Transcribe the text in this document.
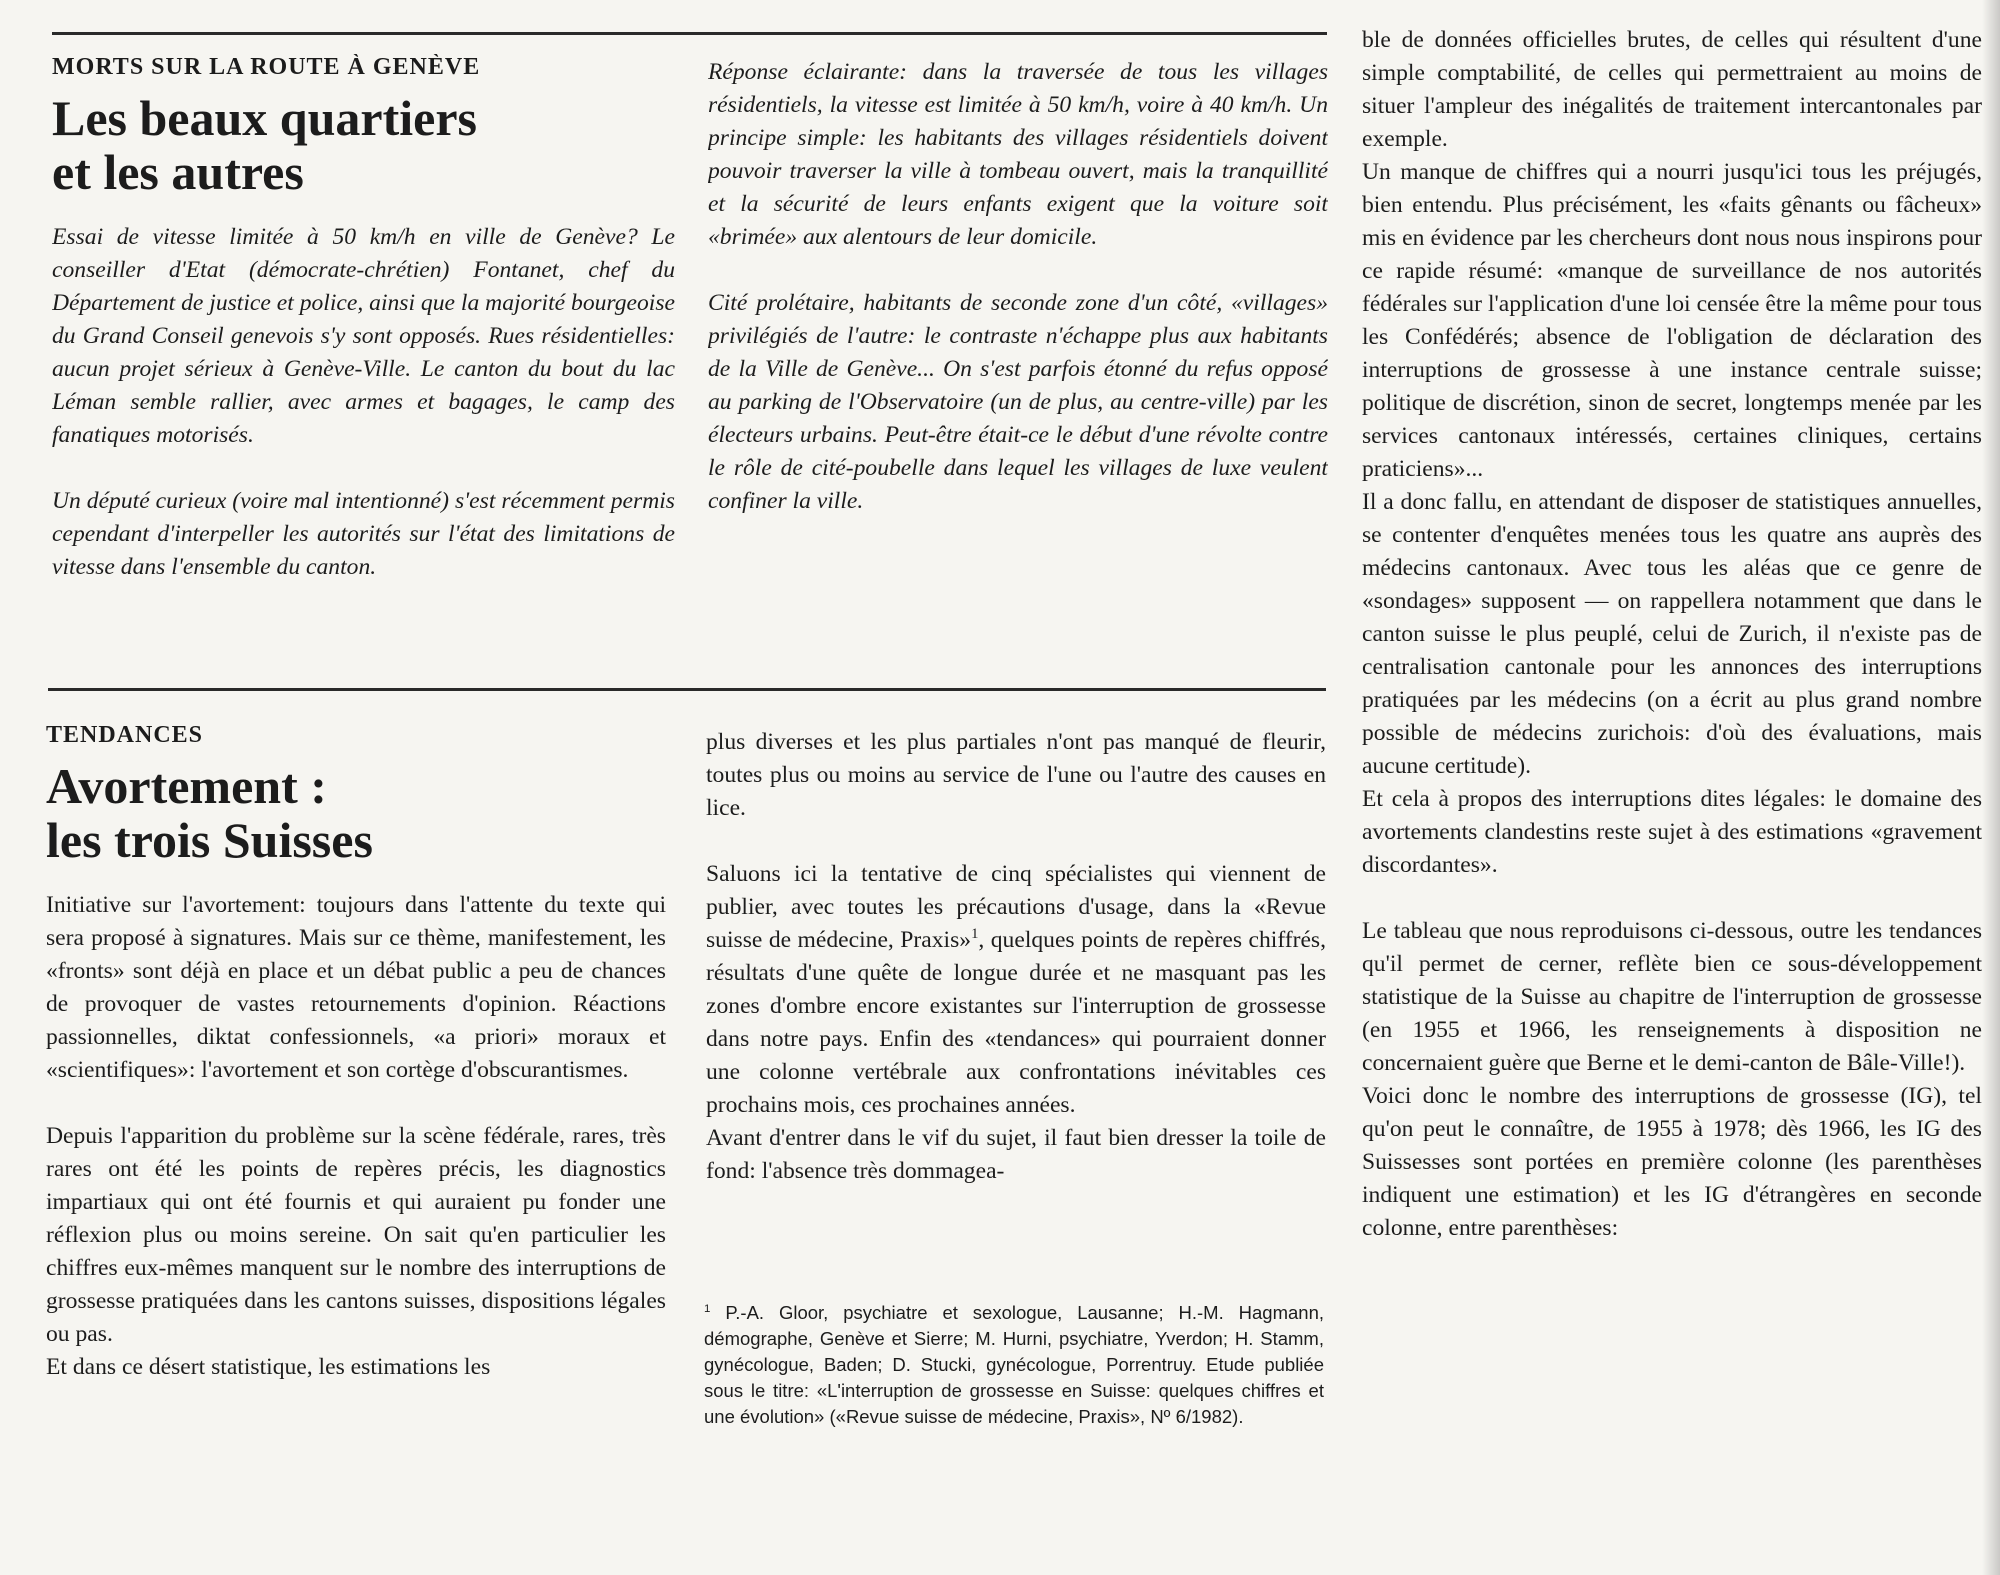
MORTS SUR LA ROUTE À GENÈVE
Les beaux quartiers
et les autres

Essai de vitesse limitée à 50 km/h en ville de Genève? Le conseiller d'Etat (démocrate-chrétien) Fontanet, chef du Département de justice et police, ainsi que la majorité bourgeoise du Grand Conseil genevois s'y sont opposés. Rues résidentielles: aucun projet sérieux à Genève-Ville. Le canton du bout du lac Léman semble rallier, avec armes et bagages, le camp des fanatiques motorisés.

Un député curieux (voire mal intentionné) s'est récemment permis cependant d'interpeller les autorités sur l'état des limitations de vitesse dans l'ensemble du canton.

Réponse éclairante: dans la traversée de tous les villages résidentiels, la vitesse est limitée à 50 km/h, voire à 40 km/h. Un principe simple: les habitants des villages résidentiels doivent pouvoir traverser la ville à tombeau ouvert, mais la tranquillité et la sécurité de leurs enfants exigent que la voiture soit «brimée» aux alentours de leur domicile.

Cité prolétaire, habitants de seconde zone d'un côté, «villages» privilégiés de l'autre: le contraste n'échappe plus aux habitants de la Ville de Genève... On s'est parfois étonné du refus opposé au parking de l'Observatoire (un de plus, au centre-ville) par les électeurs urbains. Peut-être était-ce le début d'une révolte contre le rôle de cité-poubelle dans lequel les villages de luxe veulent confiner la ville.

TENDANCES
Avortement :
les trois Suisses

Initiative sur l'avortement: toujours dans l'attente du texte qui sera proposé à signatures. Mais sur ce thème, manifestement, les «fronts» sont déjà en place et un débat public a peu de chances de provoquer de vastes retournements d'opinion. Réactions passionnelles, diktat confessionnels, «a priori» moraux et «scientifiques»: l'avortement et son cortège d'obscurantismes.

Depuis l'apparition du problème sur la scène fédérale, rares, très rares ont été les points de repères précis, les diagnostics impartiaux qui ont été fournis et qui auraient pu fonder une réflexion plus ou moins sereine. On sait qu'en particulier les chiffres eux-mêmes manquent sur le nombre des interruptions de grossesse pratiquées dans les cantons suisses, dispositions légales ou pas.

Et dans ce désert statistique, les estimations les

plus diverses et les plus partiales n'ont pas manqué de fleurir, toutes plus ou moins au service de l'une ou l'autre des causes en lice.

Saluons ici la tentative de cinq spécialistes qui viennent de publier, avec toutes les précautions d'usage, dans la «Revue suisse de médecine, Praxis»$^1$, quelques points de repères chiffrés, résultats d'une quête de longue durée et ne masquant pas les zones d'ombre encore existantes sur l'interruption de grossesse dans notre pays. Enfin des «tendances» qui pourraient donner une colonne vertébrale aux confrontations inévitables ces prochains mois, ces prochaines années.

Avant d'entrer dans le vif du sujet, il faut bien dresser la toile de fond: l'absence très dommagea-

$^1$ P.-A. Gloor, psychiatre et sexologue, Lausanne; H.-M. Hagmann, démographe, Genève et Sierre; M. Hurni, psychiatre, Yverdon; H. Stamm, gynécologue, Baden; D. Stucki, gynécologue, Porrentruy. Etude publiée sous le titre: «L'interruption de grossesse en Suisse: quelques chiffres et une évolution» («Revue suisse de médecine, Praxis», Nº 6/1982).

ble de données officielles brutes, de celles qui résultent d'une simple comptabilité, de celles qui permettraient au moins de situer l'ampleur des inégalités de traitement intercantonales par exemple.

Un manque de chiffres qui a nourri jusqu'ici tous les préjugés, bien entendu. Plus précisément, les «faits gênants ou fâcheux» mis en évidence par les chercheurs dont nous nous inspirons pour ce rapide résumé: «manque de surveillance de nos autorités fédérales sur l'application d'une loi censée être la même pour tous les Confédérés; absence de l'obligation de déclaration des interruptions de grossesse à une instance centrale suisse; politique de discrétion, sinon de secret, longtemps menée par les services cantonaux intéressés, certaines cliniques, certains praticiens»...

Il a donc fallu, en attendant de disposer de statistiques annuelles, se contenter d'enquêtes menées tous les quatre ans auprès des médecins cantonaux. Avec tous les aléas que ce genre de «sondages» supposent — on rappellera notamment que dans le canton suisse le plus peuplé, celui de Zurich, il n'existe pas de centralisation cantonale pour les annonces des interruptions pratiquées par les médecins (on a écrit au plus grand nombre possible de médecins zurichois: d'où des évaluations, mais aucune certitude).

Et cela à propos des interruptions dites légales: le domaine des avortements clandestins reste sujet à des estimations «gravement discordantes».

Le tableau que nous reproduisons ci-dessous, outre les tendances qu'il permet de cerner, reflète bien ce sous-développement statistique de la Suisse au chapitre de l'interruption de grossesse (en 1955 et 1966, les renseignements à disposition ne concernaient guère que Berne et le demi-canton de Bâle-Ville!).

Voici donc le nombre des interruptions de grossesse (IG), tel qu'on peut le connaître, de 1955 à 1978; dès 1966, les IG des Suissesses sont portées en première colonne (les parenthèses indiquent une estimation) et les IG d'étrangères en seconde colonne, entre parenthèses:
